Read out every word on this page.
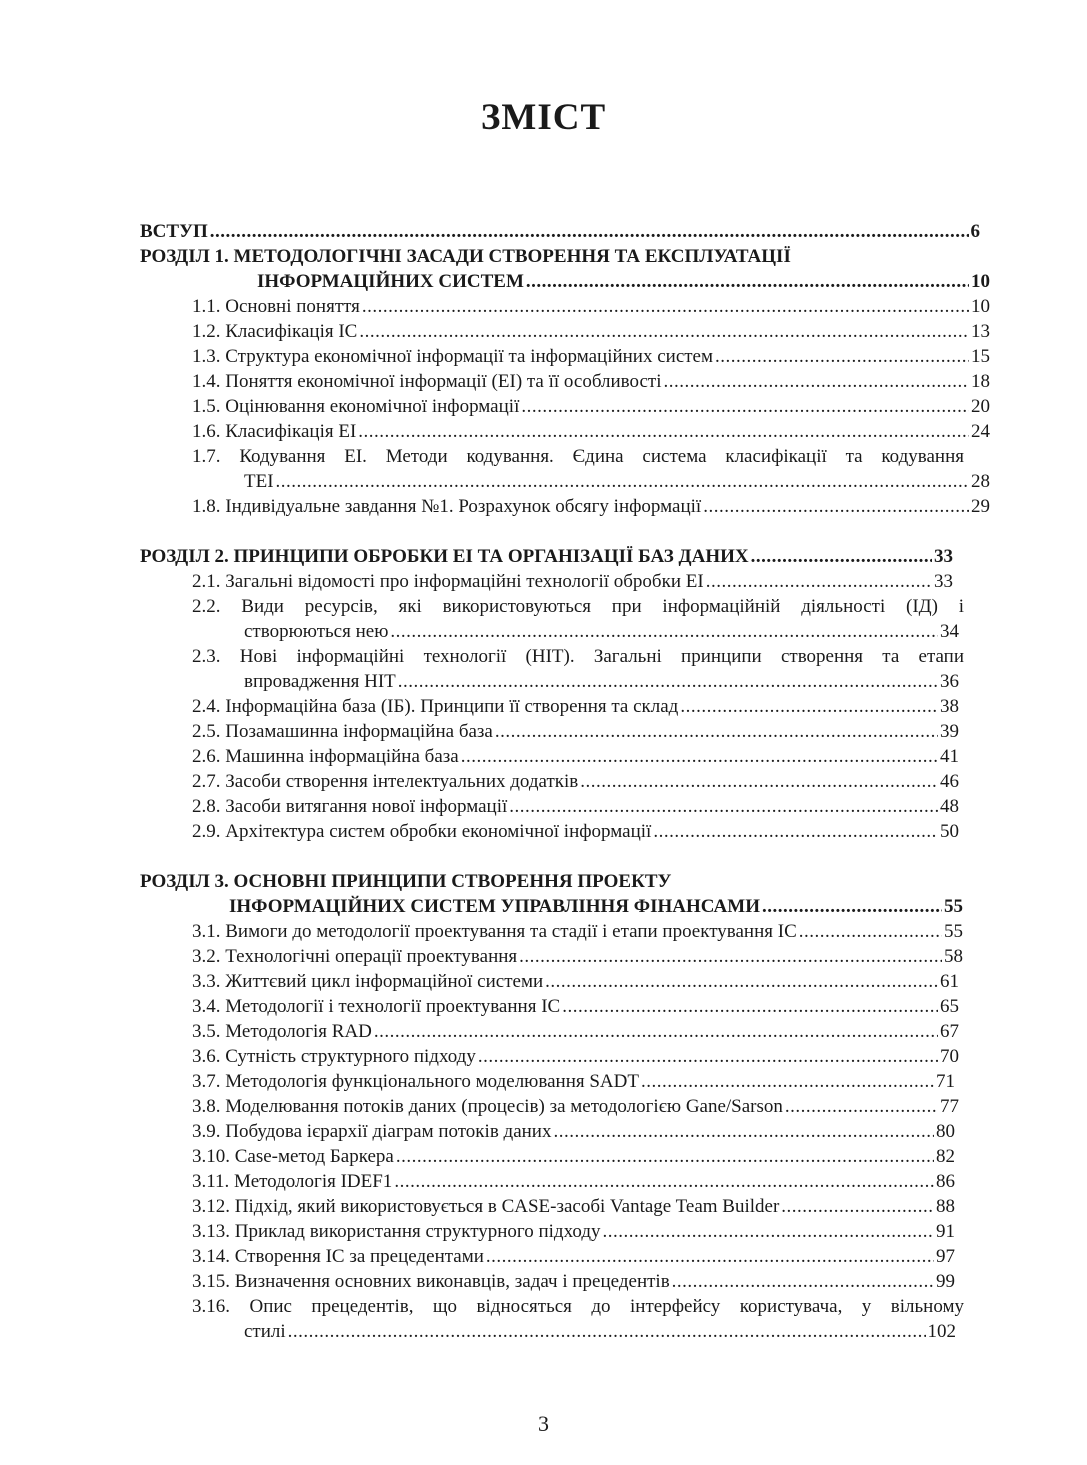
ЗМІСТ
ВСТУП .....	6
РОЗДІЛ 1. МЕТОДОЛОГІЧНІ ЗАСАДИ СТВОРЕННЯ ТА ЕКСПЛУАТАЦІЇ
ІНФОРМАЦІЙНИХ СИСТЕМ .....	10
1.1. Основні поняття .....	10
1.2. Класифікація ІС .....	13
1.3. Структура економічної інформації та інформаційних систем .....	15
1.4. Поняття економічної інформації (ЕІ) та її особливості .....	18
1.5. Оцінювання економічної інформації .....	20
1.6. Класифікація ЕІ .....	24
1.7. Кодування ЕІ. Методи кодування. Єдина система класифікації та кодування
ТЕІ .....	28
1.8. Індивідуальне завдання №1. Розрахунок обсягу інформації .....	29
РОЗДІЛ 2. ПРИНЦИПИ ОБРОБКИ ЕІ ТА ОРГАНІЗАЦІЇ БАЗ ДАНИХ .....	33
2.1. Загальні відомості про інформаційні технології обробки ЕІ .....	33
2.2. Види ресурсів, які використовуються при інформаційній діяльності (ІД) і
створюються нею .....	34
2.3. Нові інформаційні технології (НІТ). Загальні принципи створення та етапи
впровадження НІТ .....	36
2.4. Інформаційна база (ІБ). Принципи її створення та склад .....	38
2.5. Позамашинна інформаційна база .....	39
2.6. Машинна інформаційна база .....	41
2.7. Засоби створення інтелектуальних додатків .....	46
2.8. Засоби витягання нової інформації .....	48
2.9. Архітектура систем обробки економічної інформації .....	50
РОЗДІЛ 3. ОСНОВНІ ПРИНЦИПИ СТВОРЕННЯ ПРОЕКТУ
ІНФОРМАЦІЙНИХ СИСТЕМ УПРАВЛІННЯ ФІНАНСАМИ .....	55
3.1. Вимоги до методології проектування та стадії і етапи проектування ІС .....	55
3.2. Технологічні операції проектування .....	58
3.3. Життєвий цикл інформаційної системи .....	61
3.4. Методології і технології проектування ІС .....	65
3.5. Методологія RAD .....	67
3.6. Сутність структурного підходу .....	70
3.7. Методологія функціонального моделювання SADT .....	71
3.8. Моделювання потоків даних (процесів) за методологією Gane/Sarson .....	77
3.9. Побудова ієрархії діаграм потоків даних .....	80
3.10. Case-метод Баркера .....	82
3.11. Методологія IDEF1 .....	86
3.12. Підхід, який використовується в CASE-засобі Vantage Team Builder .....	88
3.13. Приклад використання структурного підходу .....	91
3.14. Створення ІС за прецедентами .....	97
3.15. Визначення основних виконавців, задач і прецедентів .....	99
3.16. Опис прецедентів, що відносяться до інтерфейсу користувача, у вільному
стилі .....	102
3
